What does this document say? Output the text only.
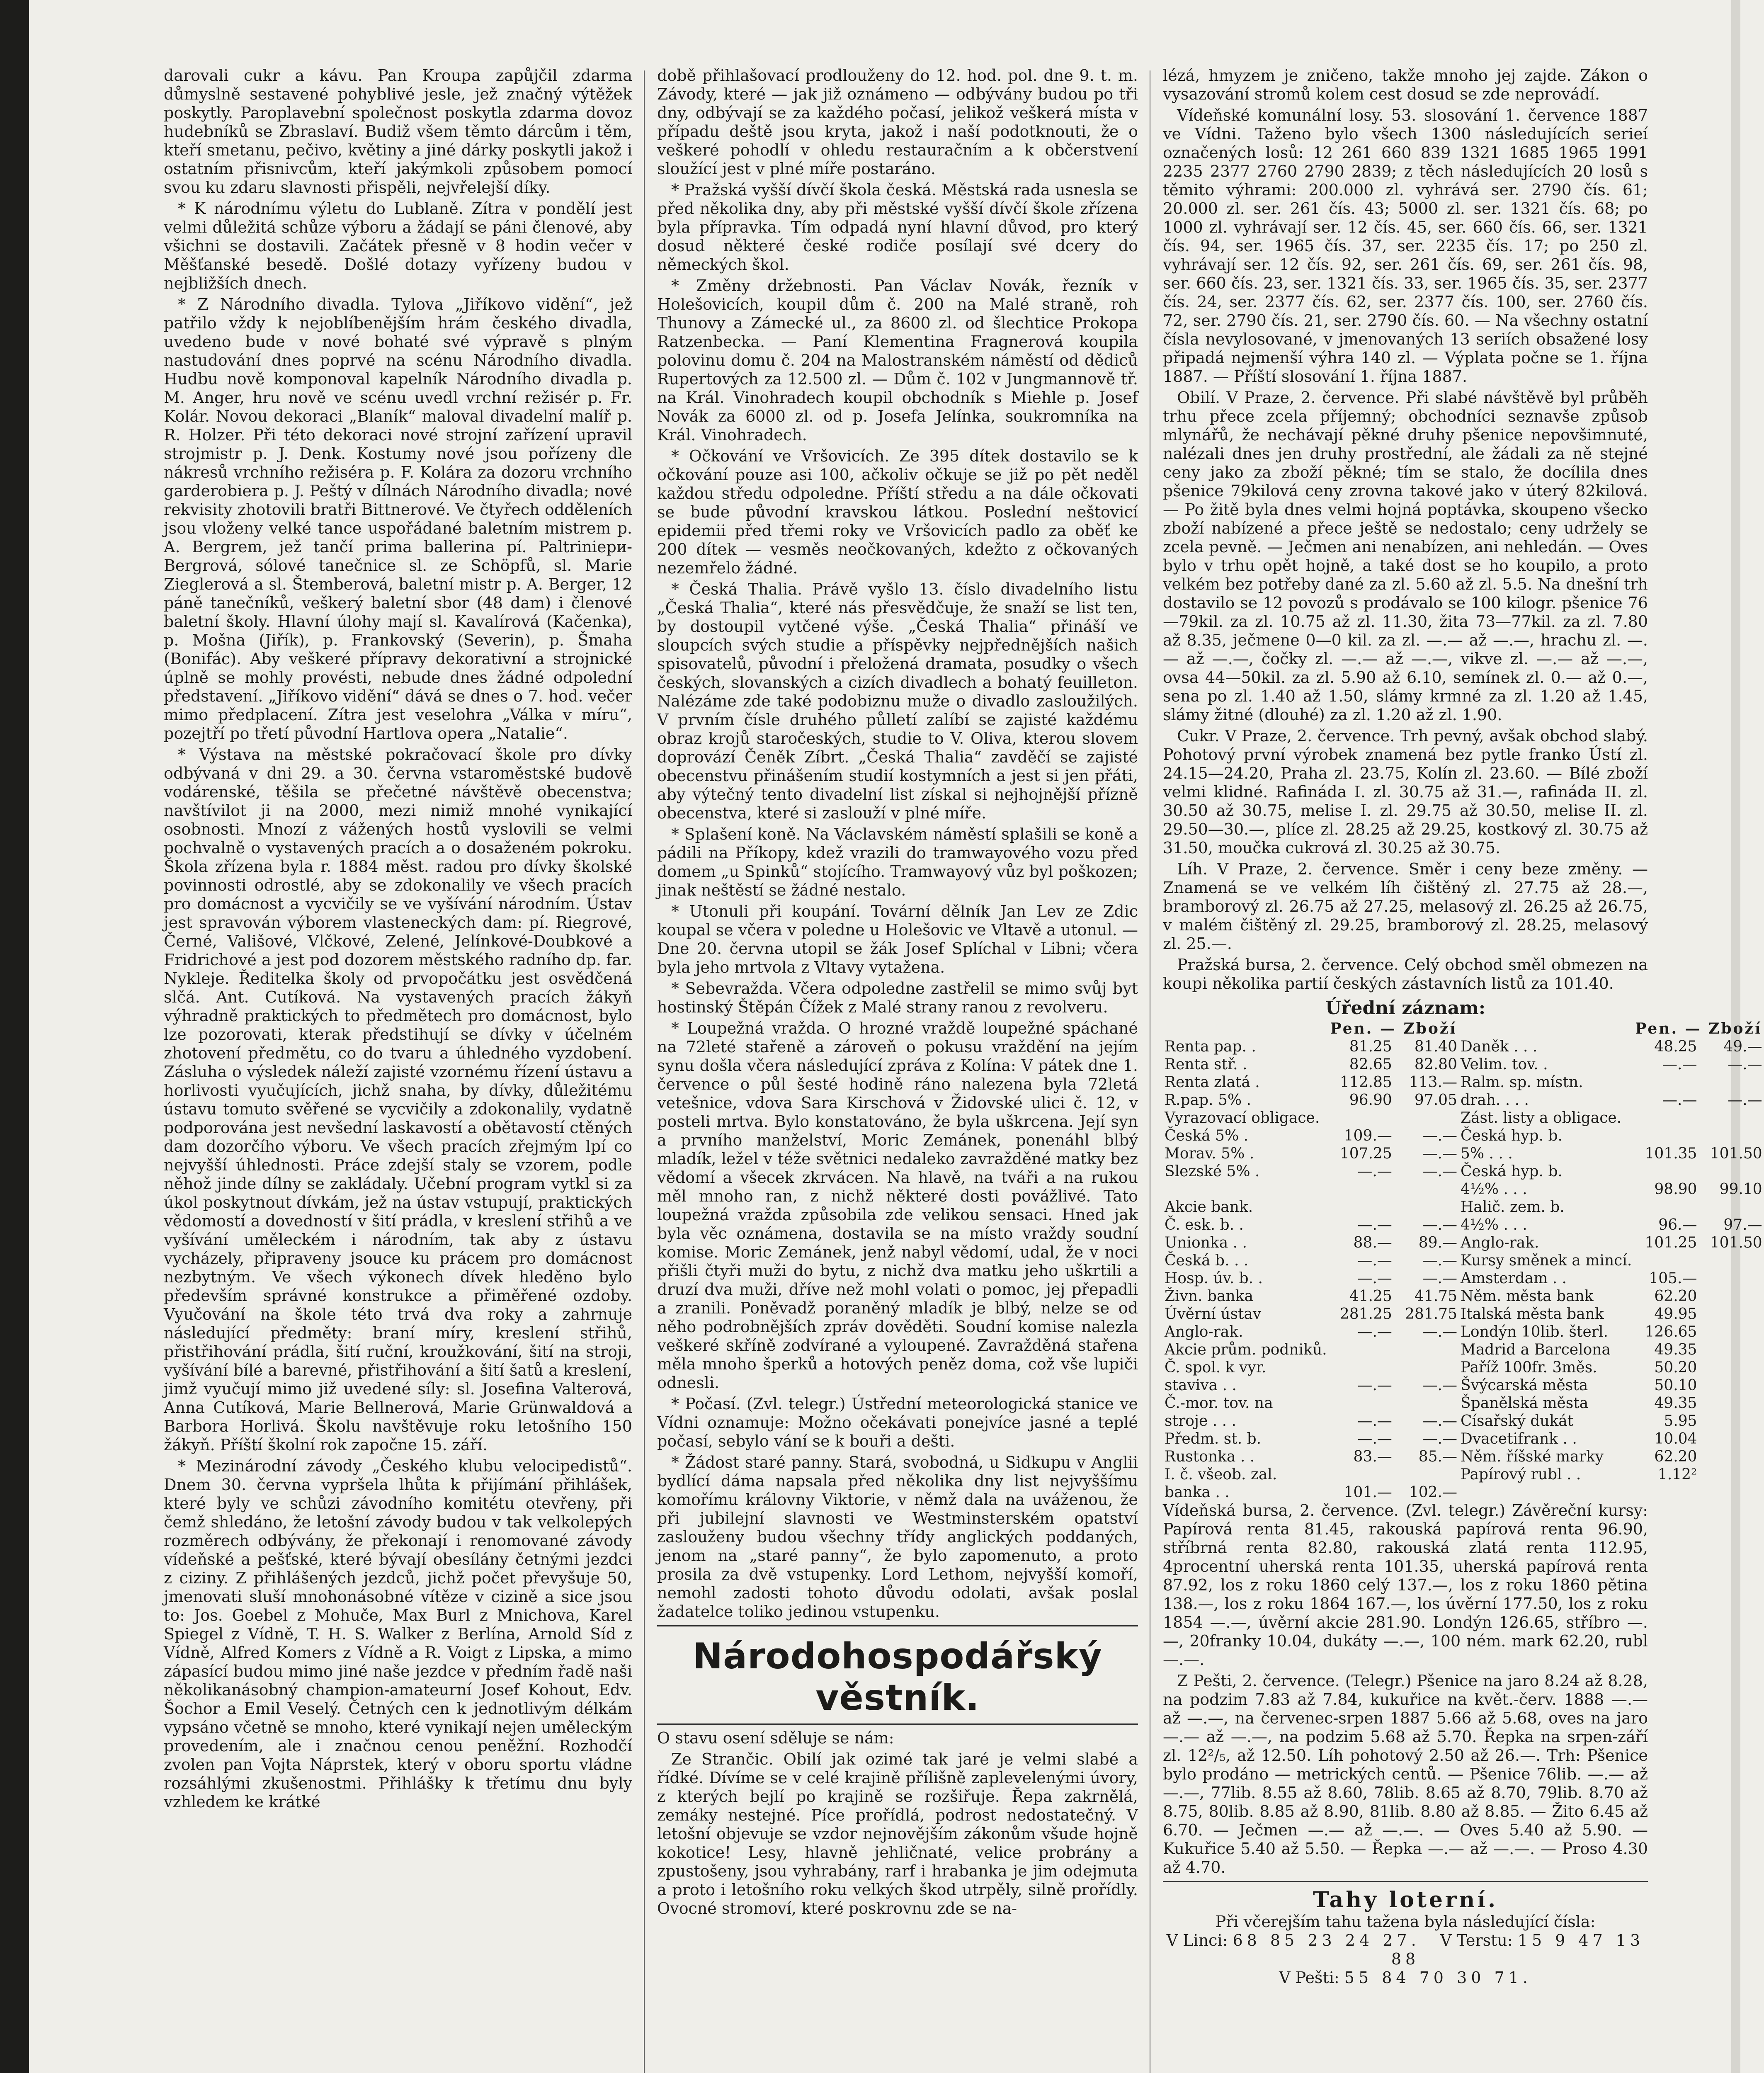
darovali cukr a kávu. Pan Kroupa zapůjčil zdarma důmyslně sestavené pohyblivé jesle, jež značný výtěžek poskytly. Paroplavební společnost poskytla zdarma dovoz hudebníků se Zbraslaví. Budiž všem těmto dárcům i těm, kteří smetanu, pečivo, květiny a jiné dárky poskytli jakož i ostatním přisnivcům, kteří jakýmkoli způsobem pomocí svou ku zdaru slavnosti přispěli, nejvřelejší díky.

* K národnímu výletu do Lublaně. Zítra v pondělí jest velmi důležitá schůze výboru a žádají se páni členové, aby všichni se dostavili. Začátek přesně v 8 hodin večer v Měšťanské besedě. Došlé dotazy vyřízeny budou v nejbližších dnech.

* Z Národního divadla. Tylova „Jiříkovo vidění“, jež patřilo vždy k nejoblíbenějším hrám českého divadla, uvedeno bude v nové bohaté své výpravě s plným nastudování dnes poprvé na scénu Národního divadla. Hudbu nově komponoval kapelník Národního divadla p. M. Anger, hru nově ve scénu uvedl vrchní režisér p. Fr. Kolár. Novou dekoraci „Blaník“ maloval divadelní malíř p. R. Holzer. Při této dekoraci nové strojní zařízení upravil strojmistr p. J. Denk. Kostumy nové jsou pořízeny dle nákresů vrchního režiséra p. F. Kolára za dozoru vrchního garderobiera p. J. Peštý v dílnách Národního divadla; nové rekvisity zhotovili bratři Bittnerové. Ve čtyřech odděleních jsou vloženy velké tance uspořádané baletním mistrem p. A. Bergrem, jež tančí prima ballerina pí. Paltriniери-Bergrová, sólové tanečnice sl. ze Schöpfů, sl. Marie Zieglerová a sl. Štemberová, baletní mistr p. A. Berger, 12 páně tanečníků, veškerý baletní sbor (48 dam) i členové baletní školy. Hlavní úlohy mají sl. Kavalírová (Kačenka), p. Mošna (Jiřík), p. Frankovský (Severin), p. Šmaha (Bonifác). Aby veškeré přípravy dekorativní a strojnické úplně se mohly provésti, nebude dnes žádné odpolední představení. „Jiříkovo vidění“ dává se dnes o 7. hod. večer mimo předplacení. Zítra jest veselohra „Válka v míru“, pozejtří po třetí původní Hartlova opera „Natalie“.

* Výstava na městské pokračovací škole pro dívky odbývaná v dni 29. a 30. června vstaroměstské budově vodárenské, těšila se přečetné návštěvě obecenstva; navštívilot ji na 2000, mezi nimiž mnohé vynikající osobnosti. Mnozí z vážených hostů vyslovili se velmi pochvalně o vystavených pracích a o dosaženém pokroku. Škola zřízena byla r. 1884 měst. radou pro dívky školské povinnosti odrostlé, aby se zdokonalily ve všech pracích pro domácnost a vycvičily se ve vyšívání národním. Ústav jest spravován výborem vlasteneckých dam: pí. Riegrové, Černé, Vališové, Vlčkové, Zelené, Jelínkové-Doubkové a Fridrichové a jest pod dozorem městského radního dp. far. Nykleje. Ředitelka školy od prvopočátku jest osvědčená slčá. Ant. Cutíková. Na vystavených pracích žákyň výhradně praktických to předmětech pro domácnost, bylo lze pozorovati, kterak předstihují se dívky v účelném zhotovení předmětu, co do tvaru a úhledného vyzdobení. Zásluha o výsledek náleží zajisté vzornému řízení ústavu a horlivosti vyučujících, jichž snaha, by dívky, důležitému ústavu tomuto svěřené se vycvičily a zdokonalily, vydatně podporována jest nevšední laskavostí a obětavostí ctěných dam dozorčího výboru. Ve všech pracích zřejmým lpí co nejvyšší úhlednosti. Práce zdejší staly se vzorem, podle něhož jinde dílny se zakládaly. Učební program vytkl si za úkol poskytnout dívkám, jež na ústav vstupují, praktických vědomostí a dovedností v šití prádla, v kreslení střihů a ve vyšívání uměleckém i národním, tak aby z ústavu vycházely, připraveny jsouce ku prácem pro domácnost nezbytným. Ve všech výkonech dívek hleděno bylo především správné konstrukce a přiměřené ozdoby. Vyučování na škole této trvá dva roky a zahrnuje následující předměty: braní míry, kreslení střihů, přistřihování prádla, šití ruční, kroužkování, šití na stroji, vyšívání bílé a barevné, přistřihování a šití šatů a kreslení, jimž vyučují mimo již uvedené síly: sl. Josefina Valterová, Anna Cutíková, Marie Bellnerová, Marie Grünwaldová a Barbora Horlivá. Školu navštěvuje roku letošního 150 žákyň. Příští školní rok započne 15. září.

* Mezinárodní závody „Českého klubu velocipedistů“. Dnem 30. června vypršela lhůta k přijímání přihlášek, které byly ve schůzi závodního komitétu otevřeny, při čemž shledáno, že letošní závody budou v tak velkolepých rozměrech odbývány, že překonají i renomované závody vídeňské a pešťské, které bývají obesílány četnými jezdci z ciziny. Z přihlášených jezdců, jichž počet převyšuje 50, jmenovati sluší mnohonásobné vítěze v cizině a sice jsou to: Jos. Goebel z Mohuče, Max Burl z Mnichova, Karel Spiegel z Vídně, T. H. S. Walker z Berlína, Arnold Síd z Vídně, Alfred Komers z Vídně a R. Voigt z Lipska, a mimo zápasící budou mimo jiné naše jezdce v předním řadě naši několikanásobný champion-amateurní Josef Kohout, Edv. Šochor a Emil Veselý. Četných cen k jednotlivým délkám vypsáno včetně se mnoho, které vynikají nejen uměleckým provedením, ale i značnou cenou peněžní. Rozhodčí zvolen pan Vojta Náprstek, který v oboru sportu vládne rozsáhlými zkušenostmi. Přihlášky k třetímu dnu byly vzhledem ke krátké

době přihlašovací prodlouženy do 12. hod. pol. dne 9. t. m. Závody, které — jak již oznámeno — odbývány budou po tři dny, odbývají se za každého počasí, jelikož veškerá místa v případu deště jsou kryta, jakož i naší podotknouti, že o veškeré pohodlí v ohledu restauračním a k občerstvení sloužící jest v plné míře postaráno.

* Pražská vyšší dívčí škola česká. Městská rada usnesla se před několika dny, aby při městské vyšší dívčí škole zřízena byla přípravka. Tím odpadá nyní hlavní důvod, pro který dosud některé české rodiče posílají své dcery do německých škol.

* Změny držebnosti. Pan Václav Novák, řezník v Holešovicích, koupil dům č. 200 na Malé straně, roh Thunovy a Zámecké ul., za 8600 zl. od šlechtice Prokopa Ratzenbecka. — Paní Klementina Fragnerová koupila polovinu domu č. 204 na Malostranském náměstí od dědiců Rupertových za 12.500 zl. — Dům č. 102 v Jungmannově tř. na Král. Vinohradech koupil obchodník s Miehle p. Josef Novák za 6000 zl. od p. Josefa Jelínka, soukromníka na Král. Vinohradech.

* Očkování ve Vršovicích. Ze 395 dítek dostavilo se k očkování pouze asi 100, ačkoliv očkuje se již po pět neděl každou středu odpoledne. Příští středu a na dále očkovati se bude původní kravskou látkou. Poslední neštovicí epidemii před třemi roky ve Vršovicích padlo za oběť ke 200 dítek — vesměs neočkovaných, kdežto z očkovaných nezemřelo žádné.

* Česká Thalia. Právě vyšlo 13. číslo divadelního listu „Česká Thalia“, které nás přesvědčuje, že snaží se list ten, by dostoupil vytčené výše. „Česká Thalia“ přináší ve sloupcích svých studie a příspěvky nejpřednějších našich spisovatelů, původní i přeložená dramata, posudky o všech českých, slovanských a cizích divadlech a bohatý feuilleton. Nalézáme zde také podobiznu muže o divadlo zasloužilých. V prvním čísle druhého půlletí zalíbí se zajisté každému obraz krojů staročeských, studie to V. Oliva, kterou slovem doprovází Čeněk Zíbrt. „Česká Thalia“ zavděčí se zajisté obecenstvu přinášením studií kostymních a jest si jen přáti, aby výtečný tento divadelní list získal si nejhojnější přízně obecenstva, které si zaslouží v plné míře.

* Splašení koně. Na Václavském náměstí splašili se koně a pádili na Příkopy, kdež vrazili do tramwayového vozu před domem „u Spinků“ stojícího. Tramwayový vůz byl poškozen; jinak neštěstí se žádné nestalo.

* Utonuli při koupání. Tovární dělník Jan Lev ze Zdic koupal se včera v poledne u Holešovic ve Vltavě a utonul. — Dne 20. června utopil se žák Josef Splíchal v Libni; včera byla jeho mrtvola z Vltavy vytažena.

* Sebevražda. Včera odpoledne zastřelil se mimo svůj byt hostinský Štěpán Čížek z Malé strany ranou z revolveru.

* Loupežná vražda. O hrozné vraždě loupežné spáchané na 72leté stařeně a zároveň o pokusu vraždění na jejím synu došla včera následující zpráva z Kolína: V pátek dne 1. července o půl šesté hodině ráno nalezena byla 72letá vetešnice, vdova Sara Kirschová v Židovské ulici č. 12, v posteli mrtva. Bylo konstatováno, že byla uškrcena. Její syn a prvního manželství, Moric Zemánek, ponenáhl blbý mladík, ležel v téže světnici nedaleko zavražděné matky bez vědomí a všecek zkrvácen. Na hlavě, na tváři a na rukou měl mnoho ran, z nichž některé dosti povážlivé. Tato loupežná vražda způsobila zde velikou sensaci. Hned jak byla věc oznámena, dostavila se na místo vraždy soudní komise. Moric Zemánek, jenž nabyl vědomí, udal, že v noci přišli čtyři muži do bytu, z nichž dva matku jeho uškrtili a druzí dva muži, dříve než mohl volati o pomoc, jej přepadli a zranili. Poněvadž poraněný mladík je blbý, nelze se od něho podrobnějších zpráv dověděti. Soudní komise nalezla veškeré skříně zodvírané a vyloupené. Zavražděná stařena měla mnoho šperků a hotových peněz doma, což vše lupiči odnesli.

* Počasí. (Zvl. telegr.) Ústřední meteorologická stanice ve Vídni oznamuje: Možno očekávati ponejvíce jasné a teplé počasí, sebylo vání se k bouři a dešti.

* Žádost staré panny. Stará, svobodná, u Sidkupu v Anglii bydlící dáma napsala před několika dny list nejvyššímu komořímu královny Viktorie, v němž dala na uváženou, že při jubilejní slavnosti ve Westminsterském opatství zaslouženy budou všechny třídy anglických poddaných, jenom na „staré panny“, že bylo zapomenuto, a proto prosila za dvě vstupenky. Lord Lethom, nejvyšší komoří, nemohl zadosti tohoto důvodu odolati, avšak poslal žadatelce toliko jedinou vstupenku.

Národohospodářský věstník.

O stavu osení sděluje se nám:

Ze Strančic. Obilí jak ozimé tak jaré je velmi slabé a řídké. Dívíme se v celé krajině přílišně zaplevelenými úvory, z kterých bejlí po krajině se rozšiřuje. Řepa zakrnělá, zemáky nestejné. Píce prořídlá, podrost nedostatečný. V letošní objevuje se vzdor nejnovějším zákonům všude hojně kokotice! Lesy, hlavně jehličnaté, velice probrány a zpustošeny, jsou vyhrabány, rarf i hrabanka je jim odejmuta a proto i letošního roku velkých škod utrpěly, silně prořídly. Ovocné stromoví, které poskrovnu zde se na-

lézá, hmyzem je zničeno, takže mnoho jej zajde. Zákon o vysazování stromů kolem cest dosud se zde neprovádí.

Vídeňské komunální losy. 53. slosování 1. července 1887 ve Vídni. Taženo bylo všech 1300 následujících serieí označených losů: 12 261 660 839 1321 1685 1965 1991 2235 2377 2760 2790 2839; z těch následujících 20 losů s těmito výhrami: 200.000 zl. vyhrává ser. 2790 čís. 61; 20.000 zl. ser. 261 čís. 43; 5000 zl. ser. 1321 čís. 68; po 1000 zl. vyhrávají ser. 12 čís. 45, ser. 660 čís. 66, ser. 1321 čís. 94, ser. 1965 čís. 37, ser. 2235 čís. 17; po 250 zl. vyhrávají ser. 12 čís. 92, ser. 261 čís. 69, ser. 261 čís. 98, ser. 660 čís. 23, ser. 1321 čís. 33, ser. 1965 čís. 35, ser. 2377 čís. 24, ser. 2377 čís. 62, ser. 2377 čís. 100, ser. 2760 čís. 72, ser. 2790 čís. 21, ser. 2790 čís. 60. — Na všechny ostatní čísla nevylosované, v jmenovaných 13 seriích obsažené losy připadá nejmenší výhra 140 zl. — Výplata počne se 1. října 1887. — Příští slosování 1. října 1887.

Obilí. V Praze, 2. července. Při slabé návštěvě byl průběh trhu přece zcela příjemný; obchodníci seznavše způsob mlynářů, že nechávají pěkné druhy pšenice nepovšimnuté, nalézali dnes jen druhy prostřední, ale žádali za ně stejné ceny jako za zboží pěkné; tím se stalo, že docílila dnes pšenice 79kilová ceny zrovna takové jako v úterý 82kilová. — Po žitě byla dnes velmi hojná poptávka, skoupeno všecko zboží nabízené a přece ještě se nedostalo; ceny udržely se zcela pevně. — Ječmen ani nenabízen, ani nehledán. — Oves bylo v trhu opět hojně, a také dost se ho koupilo, a proto velkém bez potřeby dané za zl. 5.60 až zl. 5.5. Na dnešní trh dostavilo se 12 povozů s prodávalo se 100 kilogr. pšenice 76—79kil. za zl. 10.75 až zl. 11.30, žita 73—77kil. za zl. 7.80 až 8.35, ječmene 0—0 kil. za zl. —.— až —.—, hrachu zl. —.— až —.—, čočky zl. —.— až —.—, vikve zl. —.— až —.—, ovsa 44—50kil. za zl. 5.90 až 6.10, semínek zl. 0.— až 0.—, sena po zl. 1.40 až 1.50, slámy krmné za zl. 1.20 až 1.45, slámy žitné (dlouhé) za zl. 1.20 až zl. 1.90.

Cukr. V Praze, 2. července. Trh pevný, avšak obchod slabý. Pohotový první výrobek znamená bez pytle franko Ústí zl. 24.15—24.20, Praha zl. 23.75, Kolín zl. 23.60. — Bílé zboží velmi klidné. Rafináda I. zl. 30.75 až 31.—, rafináda II. zl. 30.50 až 30.75, melise I. zl. 29.75 až 30.50, melise II. zl. 29.50—30.—, plíce zl. 28.25 až 29.25, kostkový zl. 30.75 až 31.50, moučka cukrová zl. 30.25 až 30.75.

Líh. V Praze, 2. července. Směr i ceny beze změny. — Znamená se ve velkém líh čištěný zl. 27.75 až 28.—, bramborový zl. 26.75 až 27.25, melasový zl. 26.25 až 26.75, v malém čištěný zl. 29.25, bramborový zl. 28.25, melasový zl. 25.—.

Pražská bursa, 2. července. Celý obchod směl obmezen na koupi několika partií českých zástavních listů za 101.40.

Úřední záznam:
	Pen. — Zboží			Pen. — Zboží	
Renta pap. .	81.25	81.40	Daněk . . .	48.25	49.—
Renta stř. .	82.65	82.80	Velim. tov. .	—.—	—.—
Renta zlatá .	112.85	113.—	Ralm. sp. místn.		
R.pap. 5% .	96.90	97.05	drah. . . .	—.—	—.—
Vyrazovací obligace.			Zást. listy a obligace.		
Česká 5% .	109.—	—.—	Česká hyp. b.		
Morav. 5% .	107.25	—.—	5% . . .	101.35	101.50
Slezské 5% .	—.—	—.—	Česká hyp. b.		
			4½% . . .	98.90	99.10
Akcie bank.			Halič. zem. b.		
Č. esk. b. .	—.—	—.—	4½% . . .	96.—	97.—
Unionka . .	88.—	89.—	Anglo-rak.	101.25	101.50
Česká b. . .	—.—	—.—	Kursy směnek a mincí.		
Hosp. úv. b. .	—.—	—.—	Amsterdam . .	105.—	
Živn. banka	41.25	41.75	Něm. města bank	62.20	
Úvěrní ústav	281.25	281.75	Italská města bank	49.95	
Anglo-rak.	—.—	—.—	Londýn 10lib. šterl.	126.65	
Akcie prům. podniků.			Madrid a Barcelona	49.35	
Č. spol. k vyr.			Paříž 100fr. 3měs.	50.20	
staviva . .	—.—	—.—	Švýcarská města	50.10	
Č.-mor. tov. na			Španělská města	49.35	
stroje . . .	—.—	—.—	Císařský dukát	5.95	
Předm. st. b.	—.—	—.—	Dvacetifrank . .	10.04	
Rustonka . .	83.—	85.—	Něm. říšské marky	62.20	
I. č. všeob. zal.			Papírový rubl . .	1.12²	
banka . .	101.—	102.—			

Vídeňská bursa, 2. července. (Zvl. telegr.) Závěreční kursy: Papírová renta 81.45, rakouská papírová renta 96.90, stříbrná renta 82.80, rakouská zlatá renta 112.95, 4procentní uherská renta 101.35, uherská papírová renta 87.92, los z roku 1860 celý 137.—, los z roku 1860 pětina 138.—, los z roku 1864 167.—, los úvěrní 177.50, los z roku 1854 —.—, úvěrní akcie 281.90. Londýn 126.65, stříbro —.—, 20franky 10.04, dukáty —.—, 100 ném. mark 62.20, rubl —.—.

Z Pešti, 2. července. (Telegr.) Pšenice na jaro 8.24 až 8.28, na podzim 7.83 až 7.84, kukuřice na květ.-červ. 1888 —.— až —.—, na červenec-srpen 1887 5.66 až 5.68, oves na jaro —.— až —.—, na podzim 5.68 až 5.70. Řepka na srpen-září zl. 12²/₅, až 12.50. Líh pohotový 2.50 až 26.—. Trh: Pšenice bylo prodáno — metrických centů. — Pšenice 76lib. —.— až —.—, 77lib. 8.55 až 8.60, 78lib. 8.65 až 8.70, 79lib. 8.70 až 8.75, 80lib. 8.85 až 8.90, 81lib. 8.80 až 8.85. — Žito 6.45 až 6.70. — Ječmen —.— až —.—. — Oves 5.40 až 5.90. — Kukuřice 5.40 až 5.50. — Řepka —.— až —.—. — Proso 4.30 až 4.70.

Tahy loterní.
Při včerejším tahu tažena byla následující čísla:
V Linci: 68 85 23 24 27. V Terstu: 15 9 47 13 88
V Pešti: 55 84 70 30 71.
